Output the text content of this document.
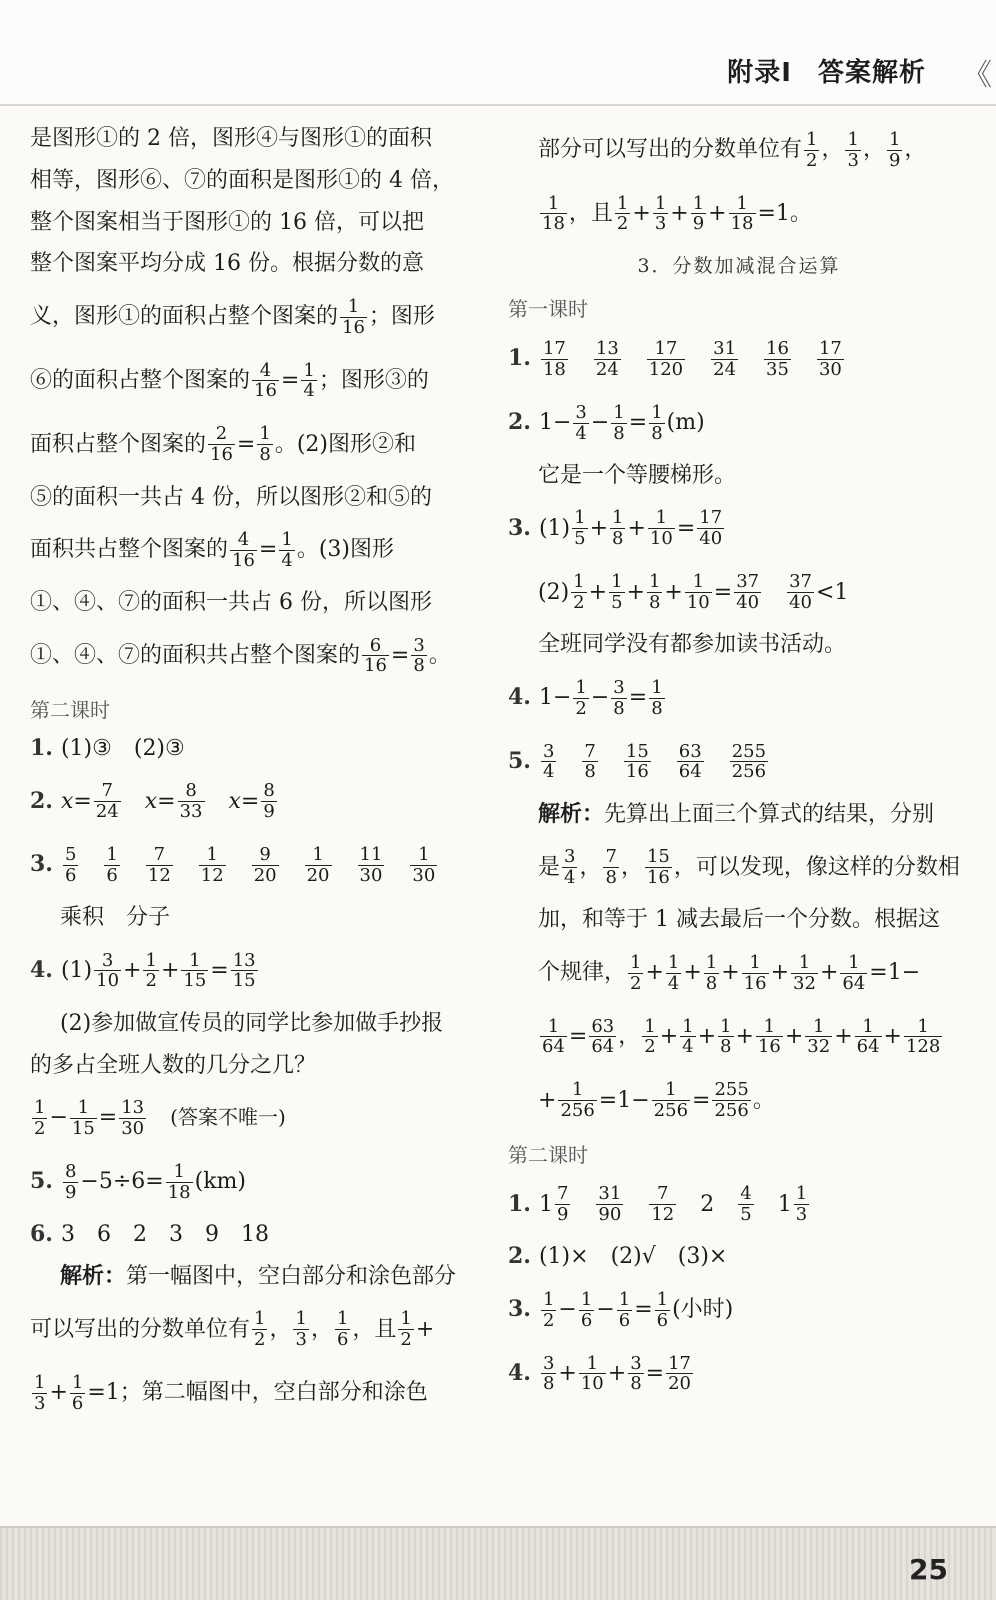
附录Ⅰ 答案解析 《

是图形①的 2 倍，图形④与图形①的面积

相等，图形⑥、⑦的面积是图形①的 4 倍，

整个图案相当于图形①的 16 倍，可以把

整个图案平均分成 16 份。根据分数的意

义，图形①的面积占整个图案的 $\frac{1}{16}$ ；图形

⑥的面积占整个图案的 $\frac{4}{16} = \frac{1}{4}$ ；图形③的

面积占整个图案的 $\frac{2}{16} = \frac{1}{8}$ 。(2)图形②和

⑤的面积一共占 4 份，所以图形②和⑤的

面积共占整个图案的 $\frac{4}{16} = \frac{1}{4}$ 。(3)图形

①、④、⑦的面积一共占 6 份，所以图形

①、④、⑦的面积共占整个图案的 $\frac{6}{16} = \frac{3}{8}$ 。

第二课时

1. (1)③　(2)③

2. $x= \frac{7}{24} x= \frac{8}{33} x= \frac{8}{9}$

3. $\frac{5}{6} \frac{1}{6} \frac{7}{12} \frac{1}{12} \frac{9}{20} \frac{1}{20} \frac{11}{30} \frac{1}{30}$

乘积　分子

4. $(1) \frac{3}{10} + \frac{1}{2} + \frac{1}{15} = \frac{13}{15}$

(2)参加做宣传员的同学比参加做手抄报

的多占全班人数的几分之几？

$\frac{1}{2} - \frac{1}{15} = \frac{13}{30}$
　 (答案不唯一)

5. $\frac{8}{9} -5\div 6= \frac{1}{18} (km)$

6. 3　6　2　3　9　18

解析：第一幅图中，空白部分和涂色部分

可以写出的分数单位有 $\frac{1}{2}$ ， $\frac{1}{3}$ ， $\frac{1}{6}$ ，且 $\frac{1}{2}$ +

$\frac{1}{3} + \frac{1}{6} =1$；第二幅图中，空白部分和涂色

部分可以写出的分数单位有 $\frac{1}{2}$ ， $\frac{1}{3}$ ， $\frac{1}{9}$ ，

$\frac{1}{18}$ ，且 $\frac{1}{2} + \frac{1}{3} + \frac{1}{9} + \frac{1}{18} =1$。

3．分数加减混合运算
第一课时

1. $\frac{17}{18} \frac{13}{24} \frac{17}{120} \frac{31}{24} \frac{16}{35} \frac{17}{30}$

2. $1- \frac{3}{4} - \frac{1}{8} = \frac{1}{8} (m)$

它是一个等腰梯形。

3. $(1) \frac{1}{5} + \frac{1}{8} + \frac{1}{10} = \frac{17}{40}$

$(2) \frac{1}{2} + \frac{1}{5} + \frac{1}{8} + \frac{1}{10} = \frac{37}{40} \frac{37}{40} <1$

全班同学没有都参加读书活动。

4. $1- \frac{1}{2} - \frac{3}{8} = \frac{1}{8}$

5. $\frac{3}{4} \frac{7}{8} \frac{15}{16} \frac{63}{64} \frac{255}{256}$

解析：先算出上面三个算式的结果，分别

是 $\frac{3}{4}$ ， $\frac{7}{8}$ ， $\frac{15}{16}$ ，可以发现，像这样的分数相

加，和等于 1 减去最后一个分数。根据这

个规律， $\frac{1}{2} + \frac{1}{4} + \frac{1}{8} + \frac{1}{16} + \frac{1}{32} + \frac{1}{64} =1-$

$\frac{1}{64} = \frac{63}{64}$ ， $\frac{1}{2} + \frac{1}{4} + \frac{1}{8} + \frac{1}{16} + \frac{1}{32} + \frac{1}{64} + \frac{1}{128}$

+ $\frac{1}{256} =1- \frac{1}{256} = \frac{255}{256}$ 。

第二课时

1. $1 \frac{7}{9} \frac{31}{90} \frac{7}{12} 2 \frac{4}{5} 1 \frac{1}{3}$

2. (1)×　(2)√　(3)×

3. $\frac{1}{2} - \frac{1}{6} - \frac{1}{6} = \frac{1}{6}$ (小时)

4. $\frac{3}{8} + \frac{1}{10} + \frac{3}{8} = \frac{17}{20}$

25
